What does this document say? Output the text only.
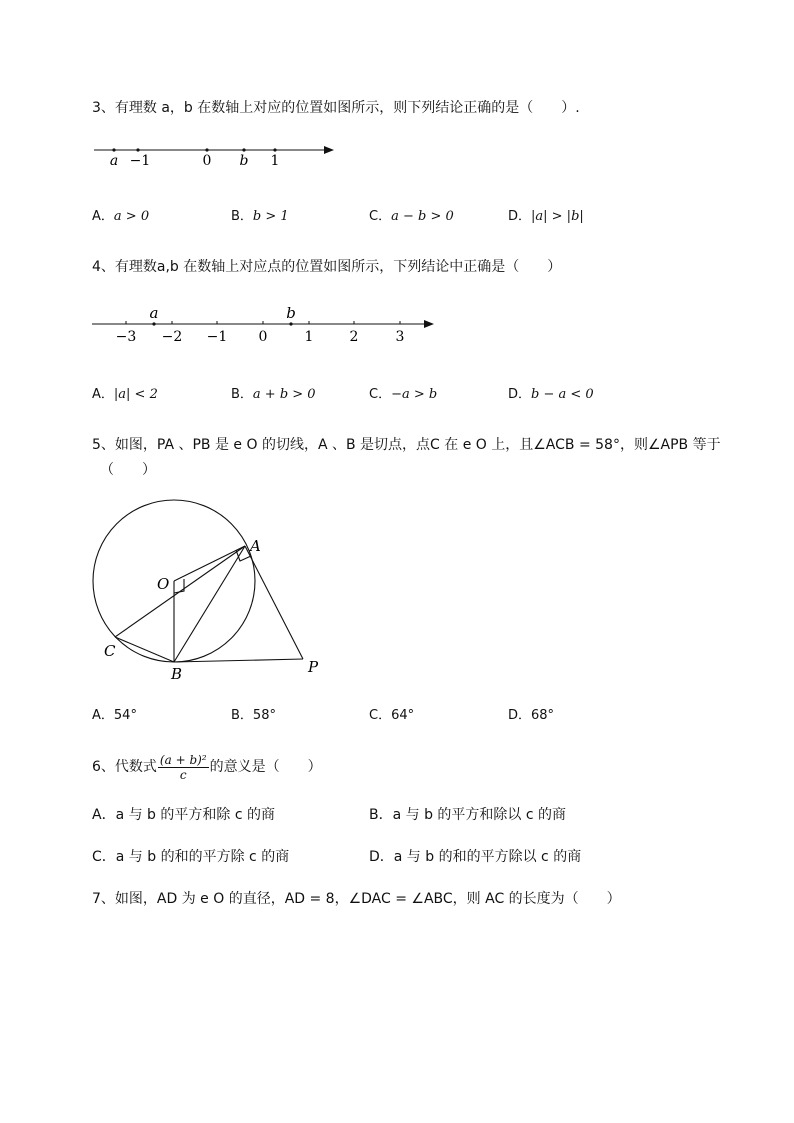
3、有理数 a，b 在数轴上对应的位置如图所示，则下列结论正确的是（　　）.
a −1	0 b 1
A．a > 0	B．b > 1	C．a − b > 0	D．|a| > |b|
4、有理数a,b 在数轴上对应点的位置如图所示，下列结论中正确是（　　）
a	b
−3 −2 −1 0	1	2	3
A．|a| < 2	B．a + b > 0	C．−a > b	D．b − a < 0
5、如图，PA 、PB 是 e O 的切线，A 、B 是切点，点C 在 e O 上，且∠ACB = 58°，则∠APB 等于
（　　）
A
O
C
B	P
A．54°	B．58°	C．64°	D．68°
6、代数式 $\frac{\text{(a + b)²}}{c}$ 的意义是（　　）
A．a 与 b 的平方和除 c 的商	B．a 与 b 的平方和除以 c 的商
C．a 与 b 的和的平方除 c 的商	D．a 与 b 的和的平方除以 c 的商
7、如图，AD 为 e O 的直径，AD = 8，∠DAC = ∠ABC，则 AC 的长度为（　　）
